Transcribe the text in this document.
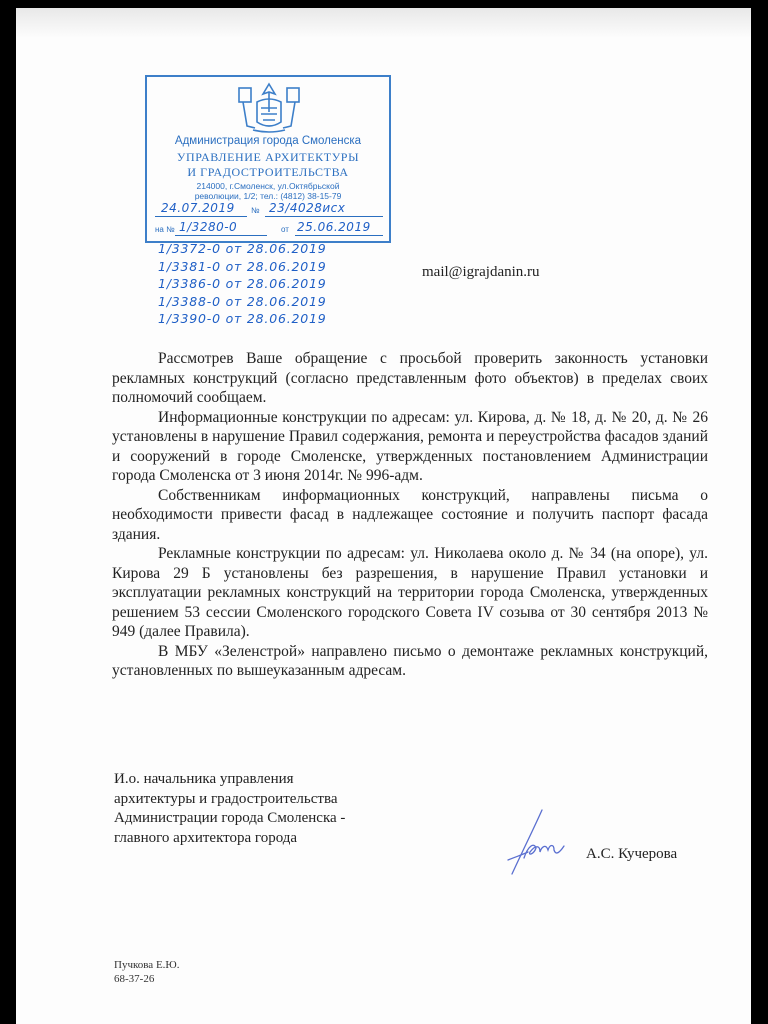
Администрация города Смоленска
УПРАВЛЕНИЕ АРХИТЕКТУРЫ
И ГРАДОСТРОИТЕЛЬСТВА
214000, г.Смоленск, ул.Октябрьской
революции, 1/2; тел.: (4812) 38-15-79
24.07.2019 № 23/4028исх
на № 1/3280-0	от 25.06.2019
1/3372-0 от 28.06.2019
1/3381-0 от 28.06.2019
1/3386-0 от 28.06.2019
1/3388-0 от 28.06.2019
1/3390-0 от 28.06.2019
mail@igrajdanin.ru

Рассмотрев Ваше обращение с просьбой проверить законность установки рекламных конструкций (согласно представленным фото объектов) в пределах своих полномочий сообщаем.

Информационные конструкции по адресам: ул. Кирова, д. № 18, д. № 20, д. № 26 установлены в нарушение Правил содержания, ремонта и переустройства фасадов зданий и сооружений в городе Смоленске, утвержденных постановлением Администрации города Смоленска от 3 июня 2014г. № 996-адм.

Собственникам информационных конструкций, направлены письма о необходимости привести фасад в надлежащее состояние и получить паспорт фасада здания.

Рекламные конструкции по адресам: ул. Николаева около д. № 34 (на опоре), ул. Кирова 29 Б установлены без разрешения, в нарушение Правил установки и эксплуатации рекламных конструкций на территории города Смоленска, утвержденных решением 53 сессии Смоленского городского Совета IV созыва от 30 сентября 2013 № 949 (далее Правила).

В МБУ «Зеленстрой» направлено письмо о демонтаже рекламных конструкций, установленных по вышеуказанным адресам.

И.о. начальника управления
архитектуры и градостроительства
Администрации города Смоленска -
главного архитектора города
А.С. Кучерова
Пучкова Е.Ю.
68-37-26
